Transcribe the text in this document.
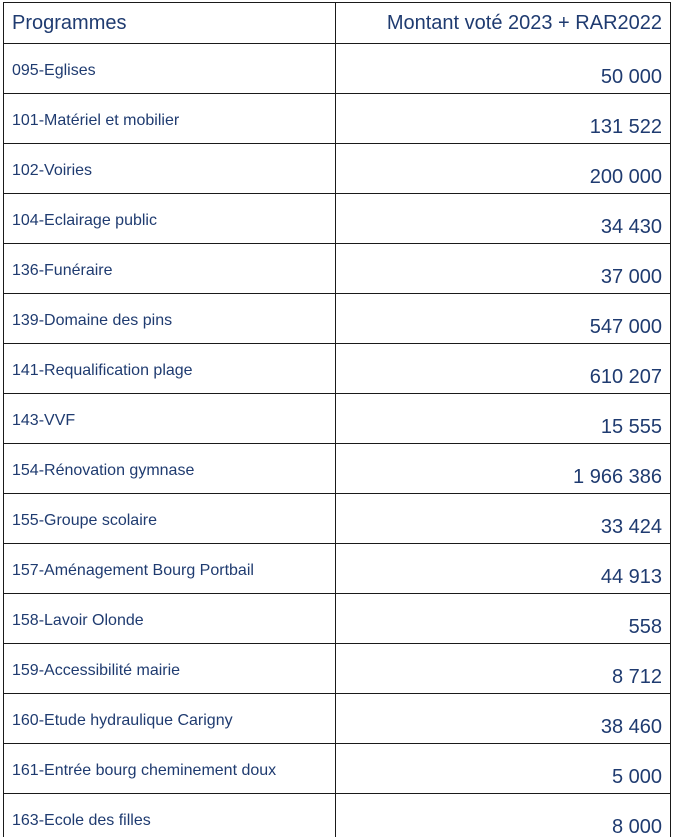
Programmes	Montant voté 2023 + RAR2022
095-Eglises	50 000
101-Matériel et mobilier	131 522
102-Voiries	200 000
104-Eclairage public	34 430
136-Funéraire	37 000
139-Domaine des pins	547 000
141-Requalification plage	610 207
143-VVF	15 555
154-Rénovation gymnase	1 966 386
155-Groupe scolaire	33 424
157-Aménagement Bourg Portbail	44 913
158-Lavoir Olonde	558
159-Accessibilité mairie	8 712
160-Etude hydraulique Carigny	38 460
161-Entrée bourg cheminement doux	5 000
163-Ecole des filles	8 000
